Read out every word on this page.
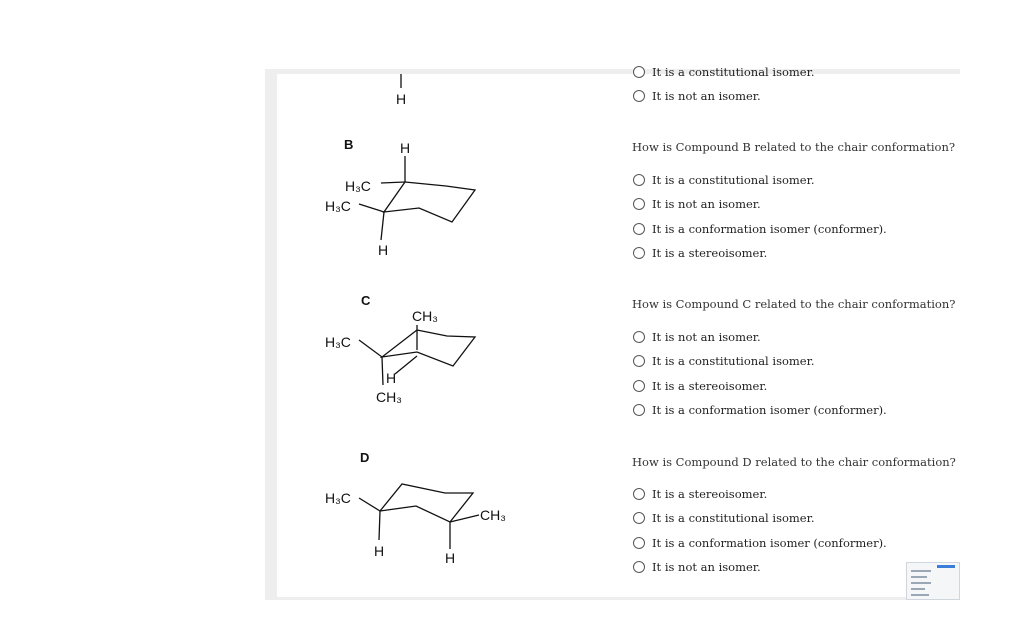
H
B	H
H₃C
H₃C
H
C
CH₃
H₃C
H
CH₃
D
H₃C
CH₃
H	H
It is a constitutional isomer.
It is not an isomer.
How is Compound B related to the chair conformation?
It is a constitutional isomer.
It is not an isomer.
It is a conformation isomer (conformer).
It is a stereoisomer.
How is Compound C related to the chair conformation?
It is not an isomer.
It is a constitutional isomer.
It is a stereoisomer.
It is a conformation isomer (conformer).
How is Compound D related to the chair conformation?
It is a stereoisomer.
It is a constitutional isomer.
It is a conformation isomer (conformer).
It is not an isomer.
